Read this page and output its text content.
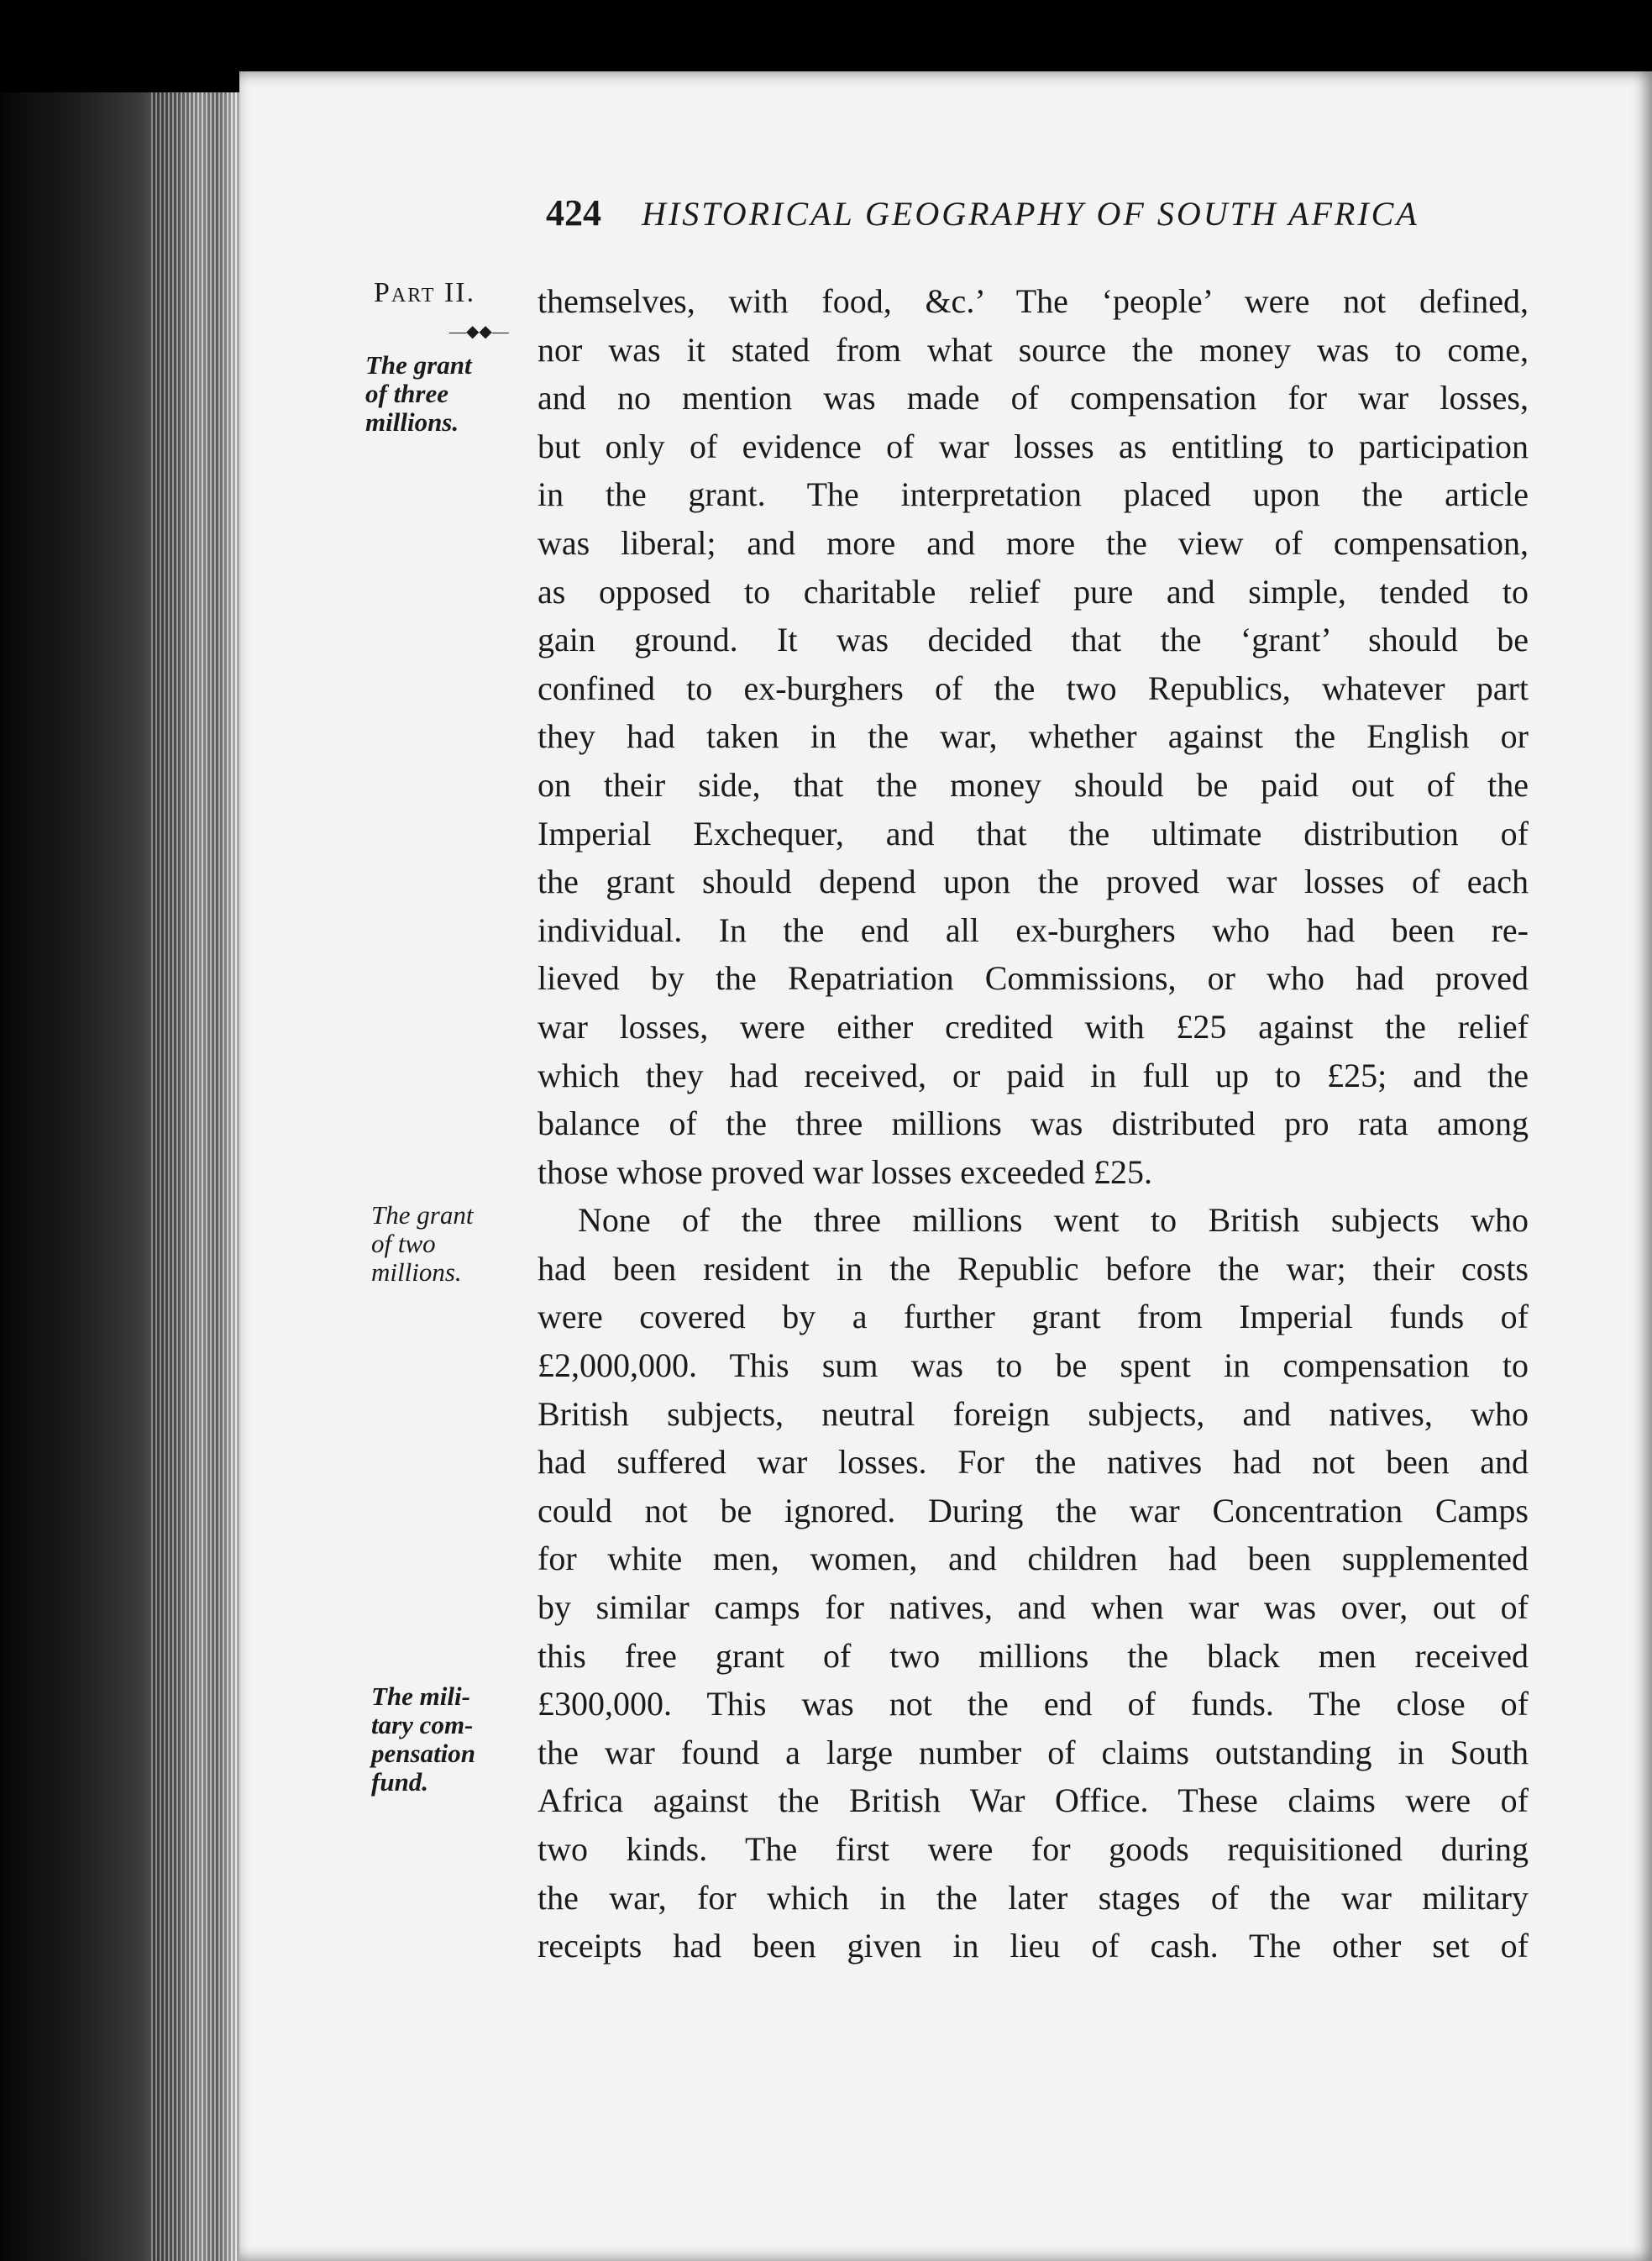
424 HISTORICAL GEOGRAPHY OF SOUTH AFRICA
Part II.
—◆◆—
The grant
of three
millions.
The grant
of two
millions.
The mili-
tary com-
pensation
fund.
themselves, with food, &c.’ The ‘people’ were not defined,
nor was it stated from what source the money was to come,
and no mention was made of compensation for war losses,
but only of evidence of war losses as entitling to participation
in the grant. The interpretation placed upon the article
was liberal; and more and more the view of compensation,
as opposed to charitable relief pure and simple, tended to
gain ground. It was decided that the ‘grant’ should be
confined to ex-burghers of the two Republics, whatever part
they had taken in the war, whether against the English or
on their side, that the money should be paid out of the
Imperial Exchequer, and that the ultimate distribution of
the grant should depend upon the proved war losses of each
individual. In the end all ex-burghers who had been re-
lieved by the Repatriation Commissions, or who had proved
war losses, were either credited with £25 against the relief
which they had received, or paid in full up to £25; and the
balance of the three millions was distributed pro rata among
those whose proved war losses exceeded £25.
None of the three millions went to British subjects who
had been resident in the Republic before the war; their costs
were covered by a further grant from Imperial funds of
£2,000,000. This sum was to be spent in compensation to
British subjects, neutral foreign subjects, and natives, who
had suffered war losses. For the natives had not been and
could not be ignored. During the war Concentration Camps
for white men, women, and children had been supplemented
by similar camps for natives, and when war was over, out of
this free grant of two millions the black men received
£300,000. This was not the end of funds. The close of
the war found a large number of claims outstanding in South
Africa against the British War Office. These claims were of
two kinds. The first were for goods requisitioned during
the war, for which in the later stages of the war military
receipts had been given in lieu of cash. The other set of
